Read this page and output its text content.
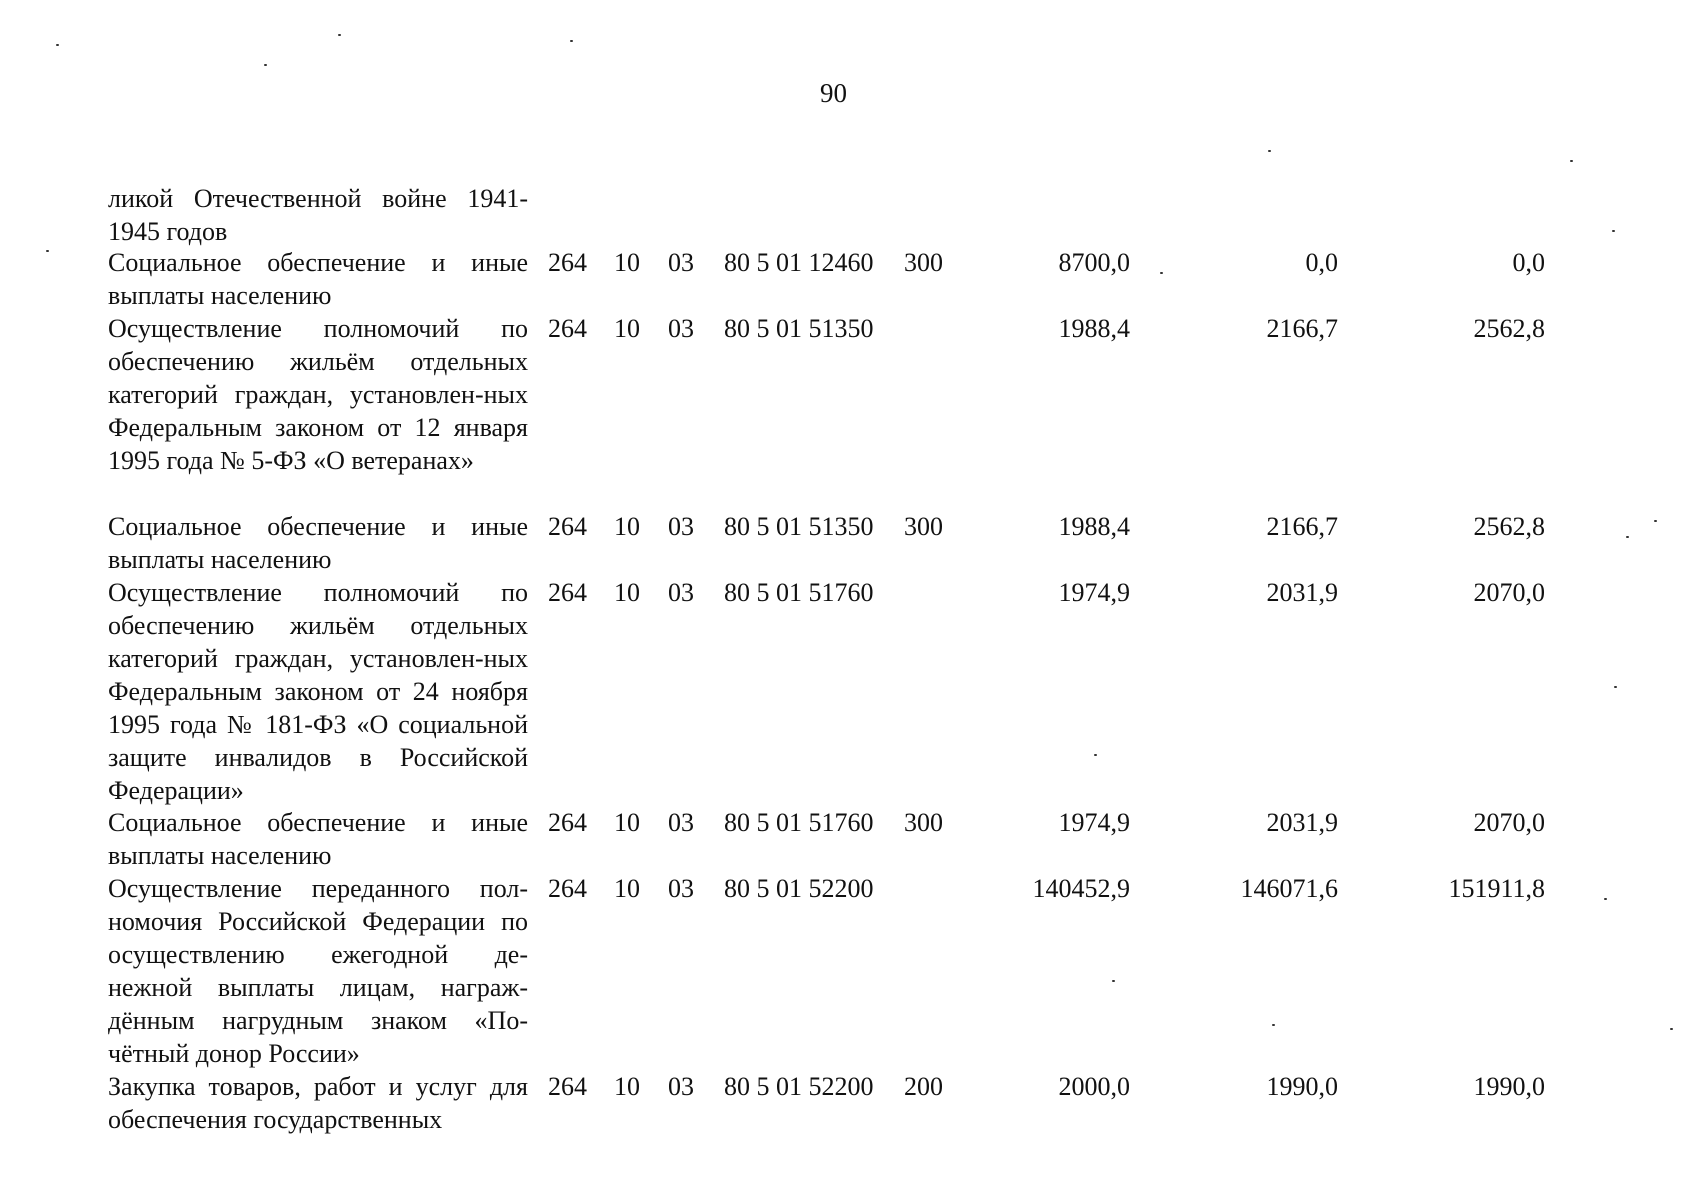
90
ликой Отечественной войне 1941-1945 годов
Социальное обеспечение и иные выплаты населению
264 10 03 80 5 01 12460 300	8700,0	0,0	0,0
Осуществление полномочий по обеспечению жильём отдельных категорий граждан, установлен-ных Федеральным законом от 12 января 1995 года № 5-ФЗ «О ветеранах»
264 10 03 80 5 01 51350	1988,4	2166,7	2562,8
Социальное обеспечение и иные выплаты населению
264 10 03 80 5 01 51350 300	1988,4	2166,7	2562,8
Осуществление полномочий по обеспечению жильём отдельных категорий граждан, установлен-ных Федеральным законом от 24 ноября 1995 года № 181-ФЗ «О социальной защите инвалидов в Российской Федерации»
264 10 03 80 5 01 51760	1974,9	2031,9	2070,0
Социальное обеспечение и иные выплаты населению
264 10 03 80 5 01 51760 300	1974,9	2031,9	2070,0
Осуществление переданного пол-номочия Российской Федерации по осуществлению ежегодной де-нежной выплаты лицам, награж-дённым нагрудным знаком «По-чётный донор России»
264 10 03 80 5 01 52200	140452,9	146071,6	151911,8
Закупка товаров, работ и услуг для обеспечения государственных
264 10 03 80 5 01 52200 200	2000,0	1990,0	1990,0
